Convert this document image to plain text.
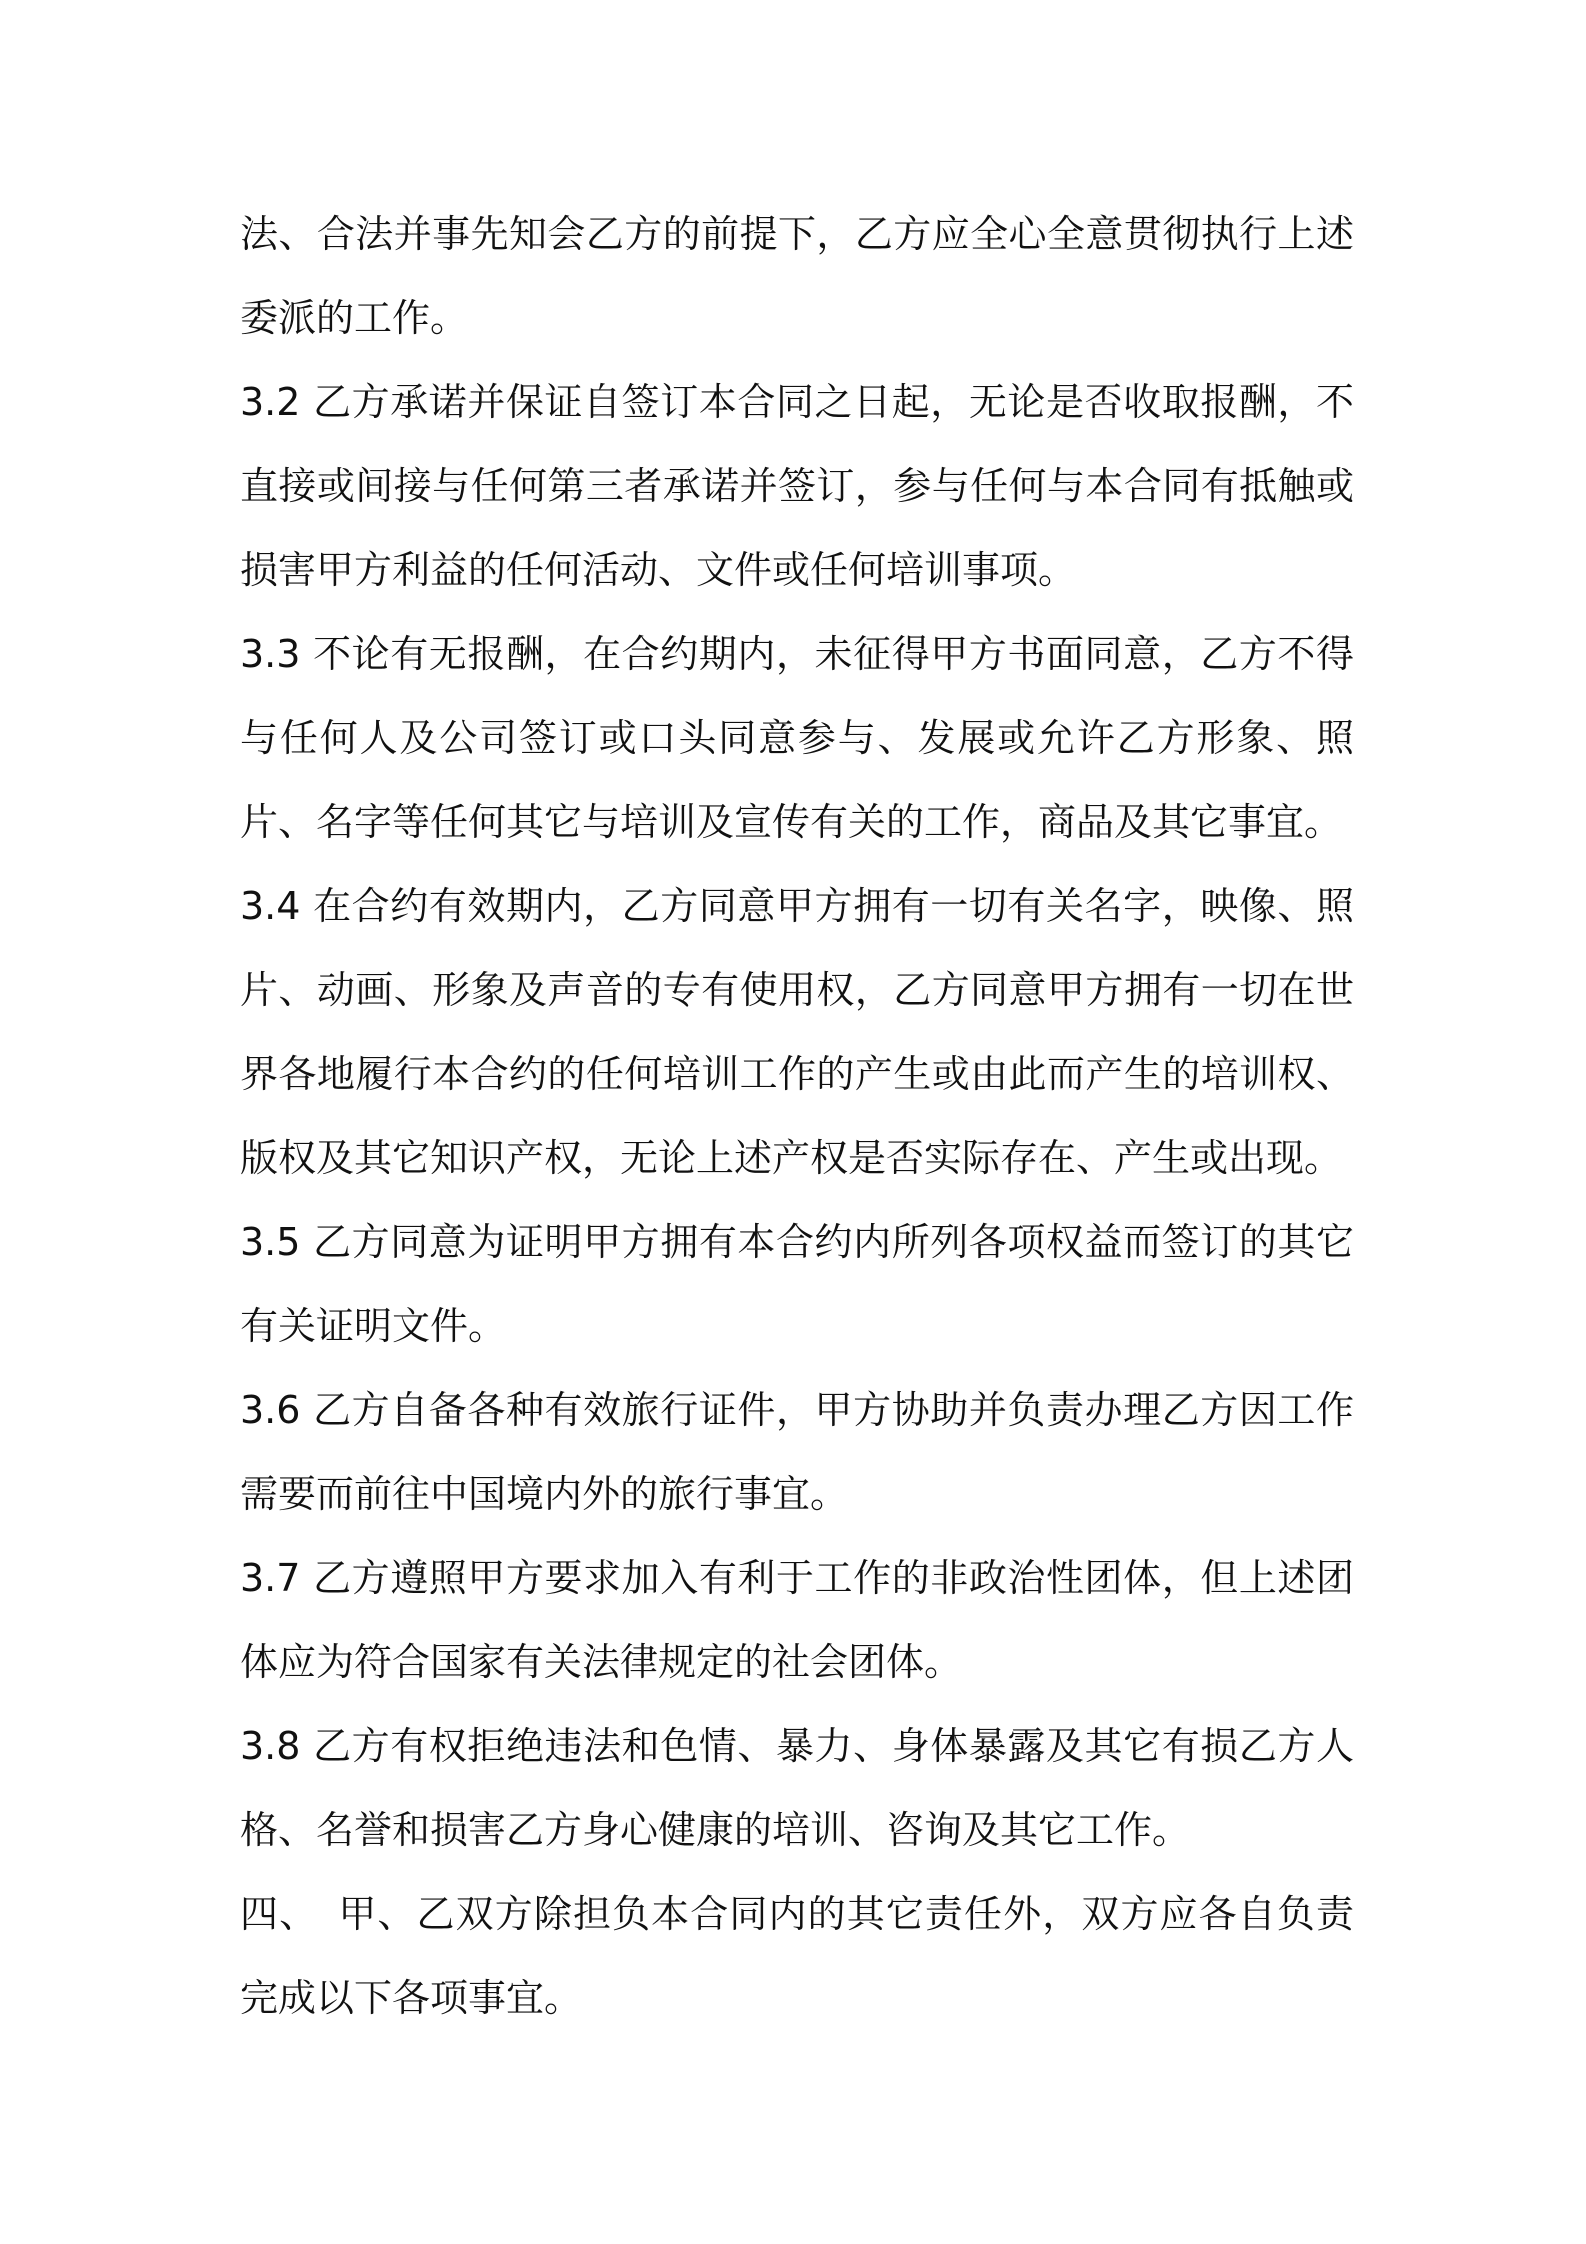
法、合法并事先知会乙方的前提下，乙方应全心全意贯彻执行上述委派的工作。

3.2 乙方承诺并保证自签订本合同之日起，无论是否收取报酬，不直接或间接与任何第三者承诺并签订，参与任何与本合同有抵触或损害甲方利益的任何活动、文件或任何培训事项。

3.3 不论有无报酬，在合约期内，未征得甲方书面同意，乙方不得与任何人及公司签订或口头同意参与、发展或允许乙方形象、照片、名字等任何其它与培训及宣传有关的工作，商品及其它事宜。

3.4 在合约有效期内，乙方同意甲方拥有一切有关名字，映像、照片、动画、形象及声音的专有使用权，乙方同意甲方拥有一切在世界各地履行本合约的任何培训工作的产生或由此而产生的培训权、版权及其它知识产权，无论上述产权是否实际存在、产生或出现。

3.5 乙方同意为证明甲方拥有本合约内所列各项权益而签订的其它有关证明文件。

3.6 乙方自备各种有效旅行证件，甲方协助并负责办理乙方因工作需要而前往中国境内外的旅行事宜。

3.7 乙方遵照甲方要求加入有利于工作的非政治性团体，但上述团体应为符合国家有关法律规定的社会团体。

3.8 乙方有权拒绝违法和色情、暴力、身体暴露及其它有损乙方人格、名誉和损害乙方身心健康的培训、咨询及其它工作。

四、　甲、乙双方除担负本合同内的其它责任外，双方应各自负责完成以下各项事宜。
